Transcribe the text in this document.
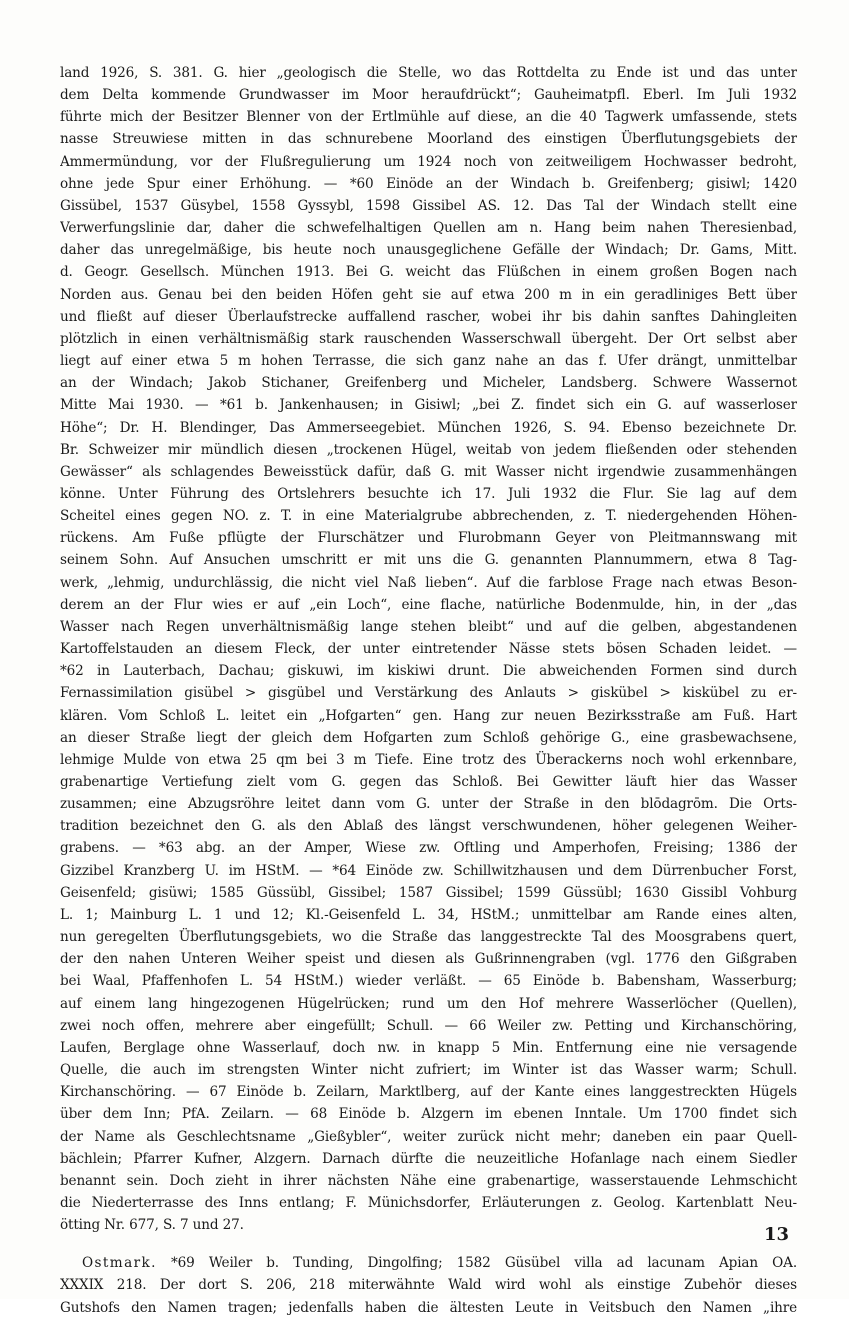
land 1926, S. 381. G. hier „geologisch die Stelle, wo das Rottdelta zu Ende ist und das unter
dem Delta kommende Grundwasser im Moor heraufdrückt“; Gauheimatpfl. Eberl. Im Juli 1932
führte mich der Besitzer Blenner von der Ertlmühle auf diese, an die 40 Tagwerk umfassende, stets
nasse Streuwiese mitten in das schnurebene Moorland des einstigen Überflutungsgebiets der
Ammermündung, vor der Flußregulierung um 1924 noch von zeitweiligem Hochwasser bedroht,
ohne jede Spur einer Erhöhung. — *60 Einöde an der Windach b. Greifenberg; gisiwl; 1420
Gissübel, 1537 Güsybel, 1558 Gyssybl, 1598 Gissibel AS. 12. Das Tal der Windach stellt eine
Verwerfungslinie dar, daher die schwefelhaltigen Quellen am n. Hang beim nahen Theresienbad,
daher das unregelmäßige, bis heute noch unausgeglichene Gefälle der Windach; Dr. Gams, Mitt.
d. Geogr. Gesellsch. München 1913. Bei G. weicht das Flüßchen in einem großen Bogen nach
Norden aus. Genau bei den beiden Höfen geht sie auf etwa 200 m in ein geradliniges Bett über
und fließt auf dieser Überlaufstrecke auffallend rascher, wobei ihr bis dahin sanftes Dahingleiten
plötzlich in einen verhältnismäßig stark rauschenden Wasserschwall übergeht. Der Ort selbst aber
liegt auf einer etwa 5 m hohen Terrasse, die sich ganz nahe an das f. Ufer drängt, unmittelbar
an der Windach; Jakob Stichaner, Greifenberg und Micheler, Landsberg. Schwere Wassernot
Mitte Mai 1930. — *61 b. Jankenhausen; in Gisiwl; „bei Z. findet sich ein G. auf wasserloser
Höhe“; Dr. H. Blendinger, Das Ammerseegebiet. München 1926, S. 94. Ebenso bezeichnete Dr.
Br. Schweizer mir mündlich diesen „trockenen Hügel, weitab von jedem fließenden oder stehenden
Gewässer“ als schlagendes Beweisstück dafür, daß G. mit Wasser nicht irgendwie zusammenhängen
könne. Unter Führung des Ortslehrers besuchte ich 17. Juli 1932 die Flur. Sie lag auf dem
Scheitel eines gegen NO. z. T. in eine Materialgrube abbrechenden, z. T. niedergehenden Höhen-
rückens. Am Fuße pflügte der Flurschätzer und Flurobmann Geyer von Pleitmannswang mit
seinem Sohn. Auf Ansuchen umschritt er mit uns die G. genannten Plannummern, etwa 8 Tag-
werk, „lehmig, undurchlässig, die nicht viel Naß lieben“. Auf die farblose Frage nach etwas Beson-
derem an der Flur wies er auf „ein Loch“, eine flache, natürliche Bodenmulde, hin, in der „das
Wasser nach Regen unverhältnismäßig lange stehen bleibt“ und auf die gelben, abgestandenen
Kartoffelstauden an diesem Fleck, der unter eintretender Nässe stets bösen Schaden leidet. —
*62 in Lauterbach, Dachau; giskuwi, im kiskiwi drunt. Die abweichenden Formen sind durch
Fernassimilation gisübel > gisgübel und Verstärkung des Anlauts > giskübel > kiskübel zu er-
klären. Vom Schloß L. leitet ein „Hofgarten“ gen. Hang zur neuen Bezirksstraße am Fuß. Hart
an dieser Straße liegt der gleich dem Hofgarten zum Schloß gehörige G., eine grasbewachsene,
lehmige Mulde von etwa 25 qm bei 3 m Tiefe. Eine trotz des Überackerns noch wohl erkennbare,
grabenartige Vertiefung zielt vom G. gegen das Schloß. Bei Gewitter läuft hier das Wasser
zusammen; eine Abzugsröhre leitet dann vom G. unter der Straße in den blōdagrōm. Die Orts-
tradition bezeichnet den G. als den Ablaß des längst verschwundenen, höher gelegenen Weiher-
grabens. — *63 abg. an der Amper, Wiese zw. Oftling und Amperhofen, Freising; 1386 der
Gizzibel Kranzberg U. im HStM. — *64 Einöde zw. Schillwitzhausen und dem Dürrenbucher Forst,
Geisenfeld; gisüwi; 1585 Güssübl, Gissibel; 1587 Gissibel; 1599 Güssübl; 1630 Gissibl Vohburg
L. 1; Mainburg L. 1 und 12; Kl.-Geisenfeld L. 34, HStM.; unmittelbar am Rande eines alten,
nun geregelten Überflutungsgebiets, wo die Straße das langgestreckte Tal des Moosgrabens quert,
der den nahen Unteren Weiher speist und diesen als Gußrinnengraben (vgl. 1776 den Gißgraben
bei Waal, Pfaffenhofen L. 54 HStM.) wieder verläßt. — 65 Einöde b. Babensham, Wasserburg;
auf einem lang hingezogenen Hügelrücken; rund um den Hof mehrere Wasserlöcher (Quellen),
zwei noch offen, mehrere aber eingefüllt; Schull. — 66 Weiler zw. Petting und Kirchanschöring,
Laufen, Berglage ohne Wasserlauf, doch nw. in knapp 5 Min. Entfernung eine nie versagende
Quelle, die auch im strengsten Winter nicht zufriert; im Winter ist das Wasser warm; Schull.
Kirchanschöring. — 67 Einöde b. Zeilarn, Marktlberg, auf der Kante eines langgestreckten Hügels
über dem Inn; PfA. Zeilarn. — 68 Einöde b. Alzgern im ebenen Inntale. Um 1700 findet sich
der Name als Geschlechtsname „Gießybler“, weiter zurück nicht mehr; daneben ein paar Quell-
bächlein; Pfarrer Kufner, Alzgern. Darnach dürfte die neuzeitliche Hofanlage nach einem Siedler
benannt sein. Doch zieht in ihrer nächsten Nähe eine grabenartige, wasserstauende Lehmschicht
die Niederterrasse des Inns entlang; F. Münichsdorfer, Erläuterungen z. Geolog. Kartenblatt Neu-
ötting Nr. 677, S. 7 und 27.
Ostmark. *69 Weiler b. Tunding, Dingolfing; 1582 Güsübel villa ad lacunam Apian OA.
XXXIX 218. Der dort S. 206, 218 miterwähnte Wald wird wohl als einstige Zubehör dieses
Gutshofs den Namen tragen; jedenfalls haben die ältesten Leute in Veitsbuch den Namen „ihre
13
